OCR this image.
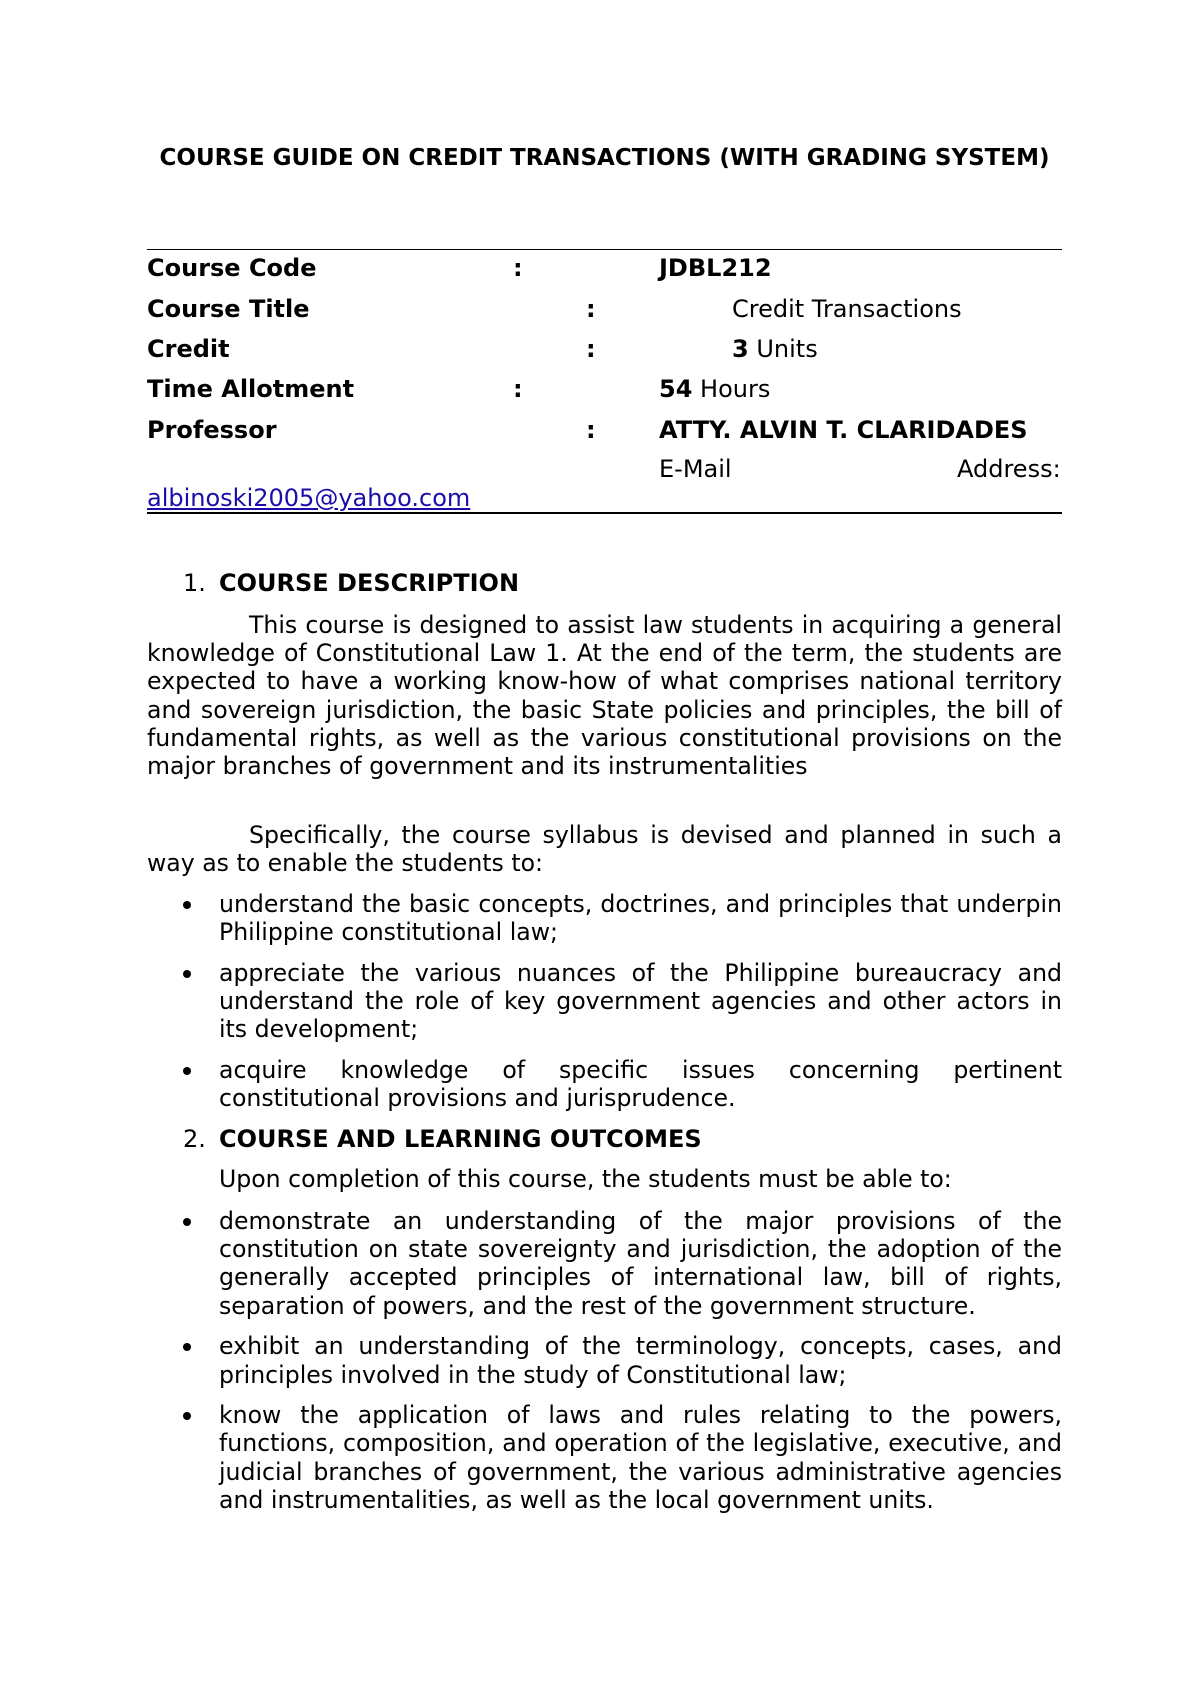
COURSE GUIDE ON CREDIT TRANSACTIONS (WITH GRADING SYSTEM)
Course Code	:	JDBL212
Course Title	:	Credit Transactions
Credit	:	3 Units
Time Allotment	:	54 Hours
Professor	:	ATTY. ALVIN T. CLARIDADES
E-Mail	Address:
albinoski2005@yahoo.com
1. COURSE DESCRIPTION

This course is designed to assist law students in acquiring a general knowledge of Constitutional Law 1. At the end of the term, the students are expected to have a working know-how of what comprises national territory and sovereign jurisdiction, the basic State policies and principles, the bill of fundamental rights, as well as the various constitutional provisions on the major branches of government and its instrumentalities

Specifically, the course syllabus is devised and planned in such a way as to enable the students to:

understand the basic concepts, doctrines, and principles that underpin Philippine constitutional law;
appreciate the various nuances of the Philippine bureaucracy and understand the role of key government agencies and other actors in its development;
acquire knowledge of specific issues concerning pertinent constitutional provisions and jurisprudence.
2. COURSE AND LEARNING OUTCOMES
Upon completion of this course, the students must be able to:
demonstrate an understanding of the major provisions of the constitution on state sovereignty and jurisdiction, the adoption of the generally accepted principles of international law, bill of rights, separation of powers, and the rest of the government structure.
exhibit an understanding of the terminology, concepts, cases, and principles involved in the study of Constitutional law;
know the application of laws and rules relating to the powers, functions, composition, and operation of the legislative, executive, and judicial branches of government, the various administrative agencies and instrumentalities, as well as the local government units.
